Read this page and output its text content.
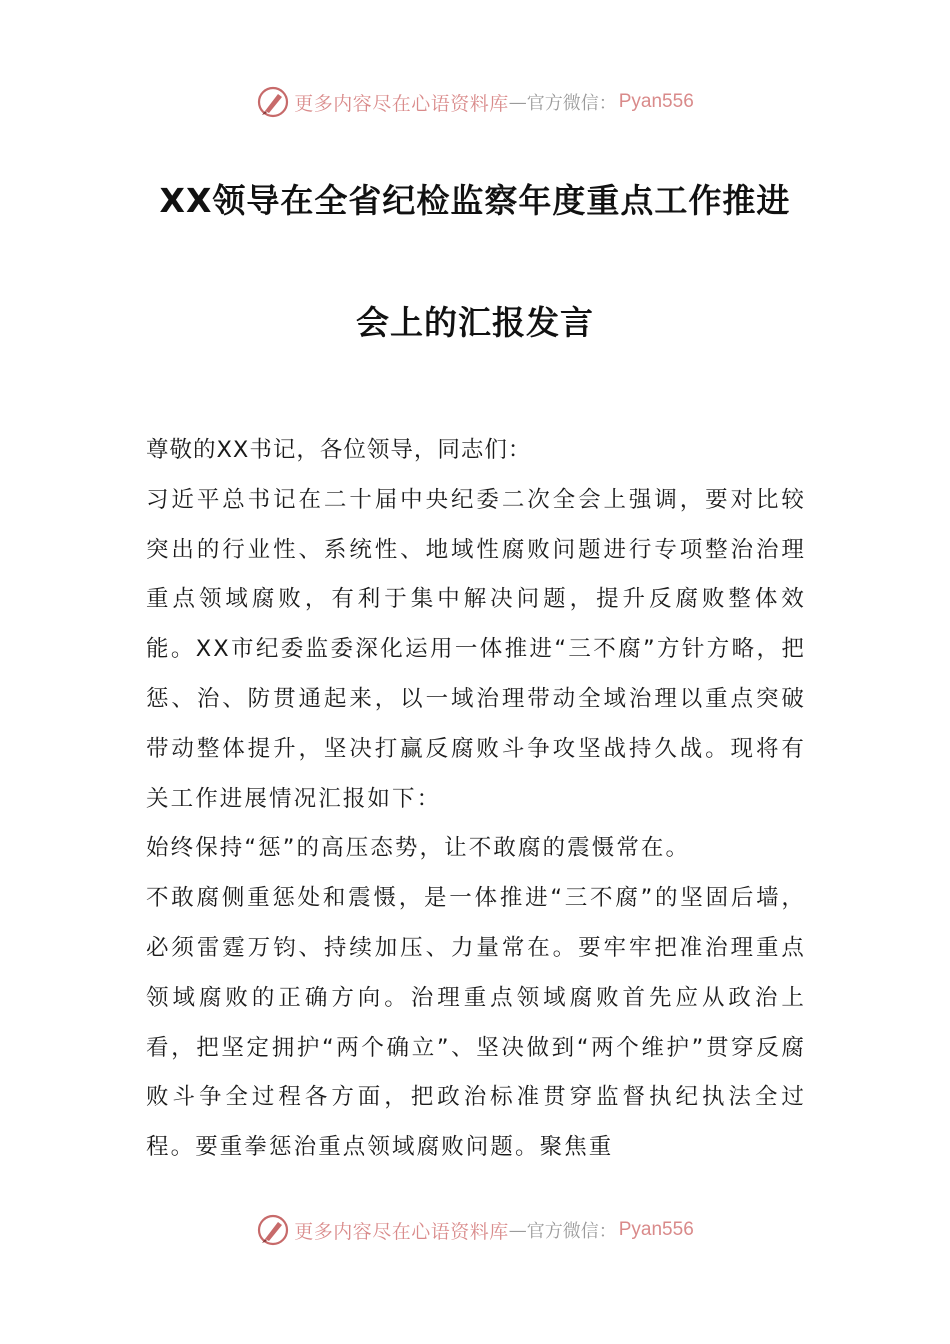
更多内容尽在心语资料库 — 官方微信： Pyan556
XX领导在全省纪检监察年度重点工作推进
会上的汇报发言

尊敬的XX书记，各位领导，同志们：

习近平总书记在二十届中央纪委二次全会上强调，要对比较突出的行业性、系统性、地域性腐败问题进行专项整治治理重点领域腐败，有利于集中解决问题，提升反腐败整体效能。XX市纪委监委深化运用一体推进“三不腐”方针方略，把惩、治、防贯通起来，以一域治理带动全域治理以重点突破带动整体提升，坚决打赢反腐败斗争攻坚战持久战。现将有关工作进展情况汇报如下：

始终保持“惩”的高压态势，让不敢腐的震慑常在。

不敢腐侧重惩处和震慑，是一体推进“三不腐”的坚固后墙，必须雷霆万钧、持续加压、力量常在。要牢牢把准治理重点领域腐败的正确方向。治理重点领域腐败首先应从政治上看，把坚定拥护“两个确立”、坚决做到“两个维护”贯穿反腐败斗争全过程各方面，把政治标准贯穿监督执纪执法全过程。要重拳惩治重点领域腐败问题。聚焦重

更多内容尽在心语资料库 — 官方微信： Pyan556
